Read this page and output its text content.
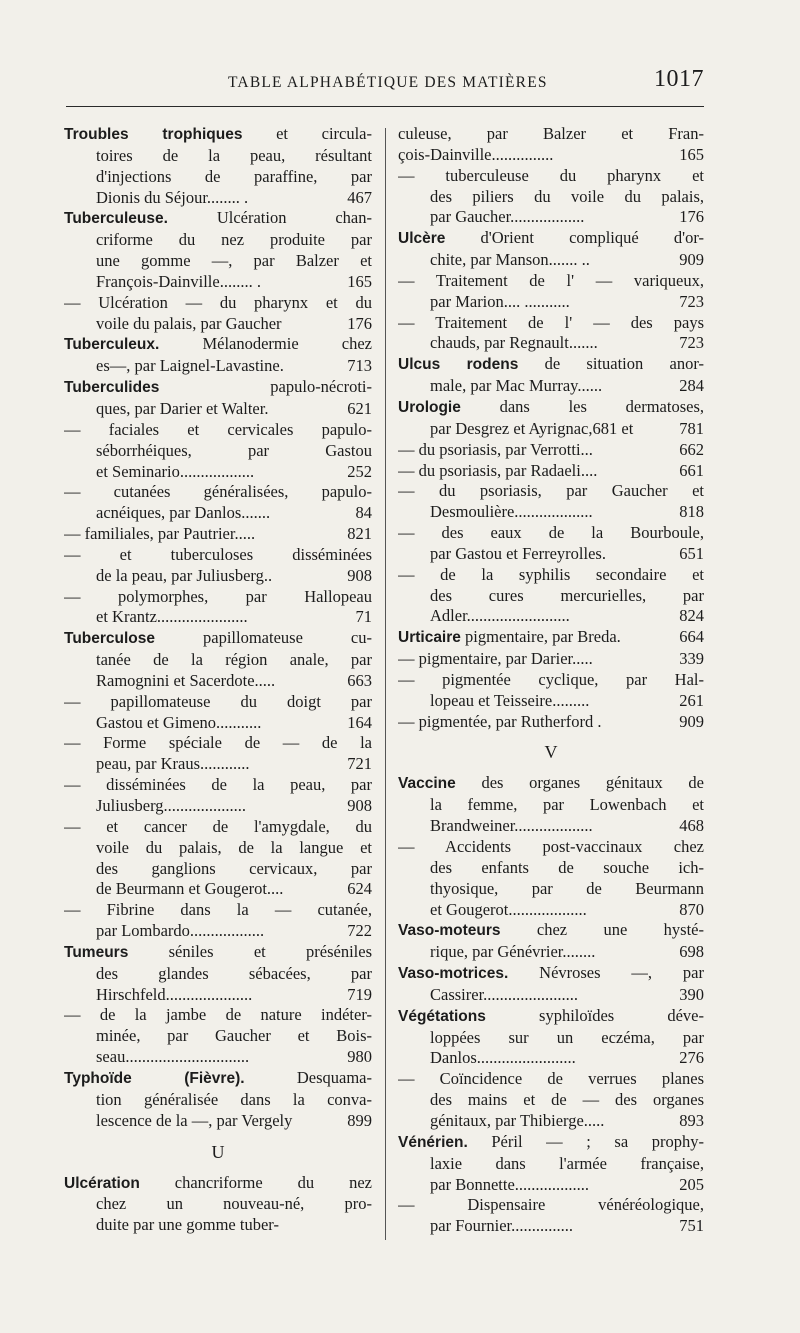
TABLE ALPHABÉTIQUE DES MATIÈRES	1017
Troubles trophiques et circula-
toires de la peau, résultant
d'injections de paraffine, par
Dionis du Séjour........ .	467
Tuberculeuse. Ulcération chan-
criforme du nez produite par
une gomme —, par Balzer et
François-Dainville........ .	165
— Ulcération — du pharynx et du
voile du palais, par Gaucher	176
Tuberculeux. Mélanodermie chez
es—, par Laignel-Lavastine.	713
Tuberculides papulo-nécroti-
ques, par Darier et Walter.	621
— faciales et cervicales papulo-
séborrhéiques, par Gastou
et Seminario..................	252
— cutanées généralisées, papulo-
acnéiques, par Danlos.......	84
— familiales, par Pautrier.....	821
— et tuberculoses disséminées
de la peau, par Juliusberg..	908
— polymorphes, par Hallopeau
et Krantz......................	71
Tuberculose papillomateuse cu-
tanée de la région anale, par
Ramognini et Sacerdote.....	663
— papillomateuse du doigt par
Gastou et Gimeno...........	164
— Forme spéciale de — de la
peau, par Kraus............	721
— disséminées de la peau, par
Juliusberg....................	908
— et cancer de l'amygdale, du
voile du palais, de la langue et
des ganglions cervicaux, par
de Beurmann et Gougerot....	624
— Fibrine dans la — cutanée,
par Lombardo..................	722
Tumeurs séniles et préséniles
des glandes sébacées, par
Hirschfeld.....................	719
— de la jambe de nature indéter-
minée, par Gaucher et Bois-
seau..............................	980
Typhoïde (Fièvre). Desquama-
tion généralisée dans la conva-
lescence de la —, par Vergely	899
U
Ulcération chancriforme du nez
chez un nouveau-né, pro-
duite par une gomme tuber-
culeuse, par Balzer et Fran-
çois-Dainville...............	165
— tuberculeuse du pharynx et
des piliers du voile du palais,
par Gaucher..................	176
Ulcère d'Orient compliqué d'or-
chite, par Manson....... ..	909
— Traitement de l' — variqueux,
par Marion.... ...........	723
— Traitement de l' — des pays
chauds, par Regnault.......	723
Ulcus rodens de situation anor-
male, par Mac Murray......	284
Urologie dans les dermatoses,
par Desgrez et Ayrignac,681 et	781
— du psoriasis, par Verrotti...	662
— du psoriasis, par Radaeli....	661
— du psoriasis, par Gaucher et
Desmoulière...................	818
— des eaux de la Bourboule,
par Gastou et Ferreyrolles.	651
— de la syphilis secondaire et
des cures mercurielles, par
Adler.........................	824
Urticaire pigmentaire, par Breda.	664
— pigmentaire, par Darier.....	339
— pigmentée cyclique, par Hal-
lopeau et Teisseire.........	261
— pigmentée, par Rutherford .	909
V
Vaccine des organes génitaux de
la femme, par Lowenbach et
Brandweiner...................	468
— Accidents post-vaccinaux chez
des enfants de souche ich-
thyosique, par de Beurmann
et Gougerot...................	870
Vaso-moteurs chez une hysté-
rique, par Génévrier........	698
Vaso-motrices. Névroses —, par
Cassirer.......................	390
Végétations syphiloïdes déve-
loppées sur un eczéma, par
Danlos........................	276
— Coïncidence de verrues planes
des mains et de — des organes
génitaux, par Thibierge.....	893
Vénérien. Péril — ; sa prophy-
laxie dans l'armée française,
par Bonnette..................	205
— Dispensaire vénéréologique,
par Fournier...............	751
